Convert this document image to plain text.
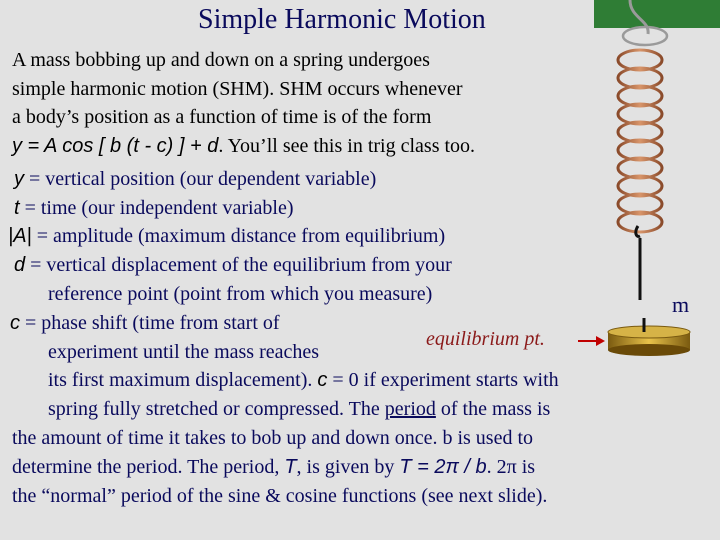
Simple Harmonic Motion
A mass bobbing up and down on a spring undergoes
simple harmonic motion (SHM). SHM occurs whenever
a body’s position as a function of time is of the form
y = A cos [ b (t - c) ] + d. You’ll see this in trig class too.
y = vertical position (our dependent variable)
t = time (our independent variable)
|A| = amplitude (maximum distance from equilibrium)
d = vertical displacement of the equilibrium from your
reference point (point from which you measure)
c = phase shift (time from start of
experiment until the mass reaches
its first maximum displacement). c = 0 if experiment starts with
spring fully stretched or compressed. The period of the mass is
the amount of time it takes to bob up and down once. b is used to
determine the period. The period, T, is given by T = 2π / b. 2π is
the “normal” period of the sine & cosine functions (see next slide).
equilibrium pt.
m
